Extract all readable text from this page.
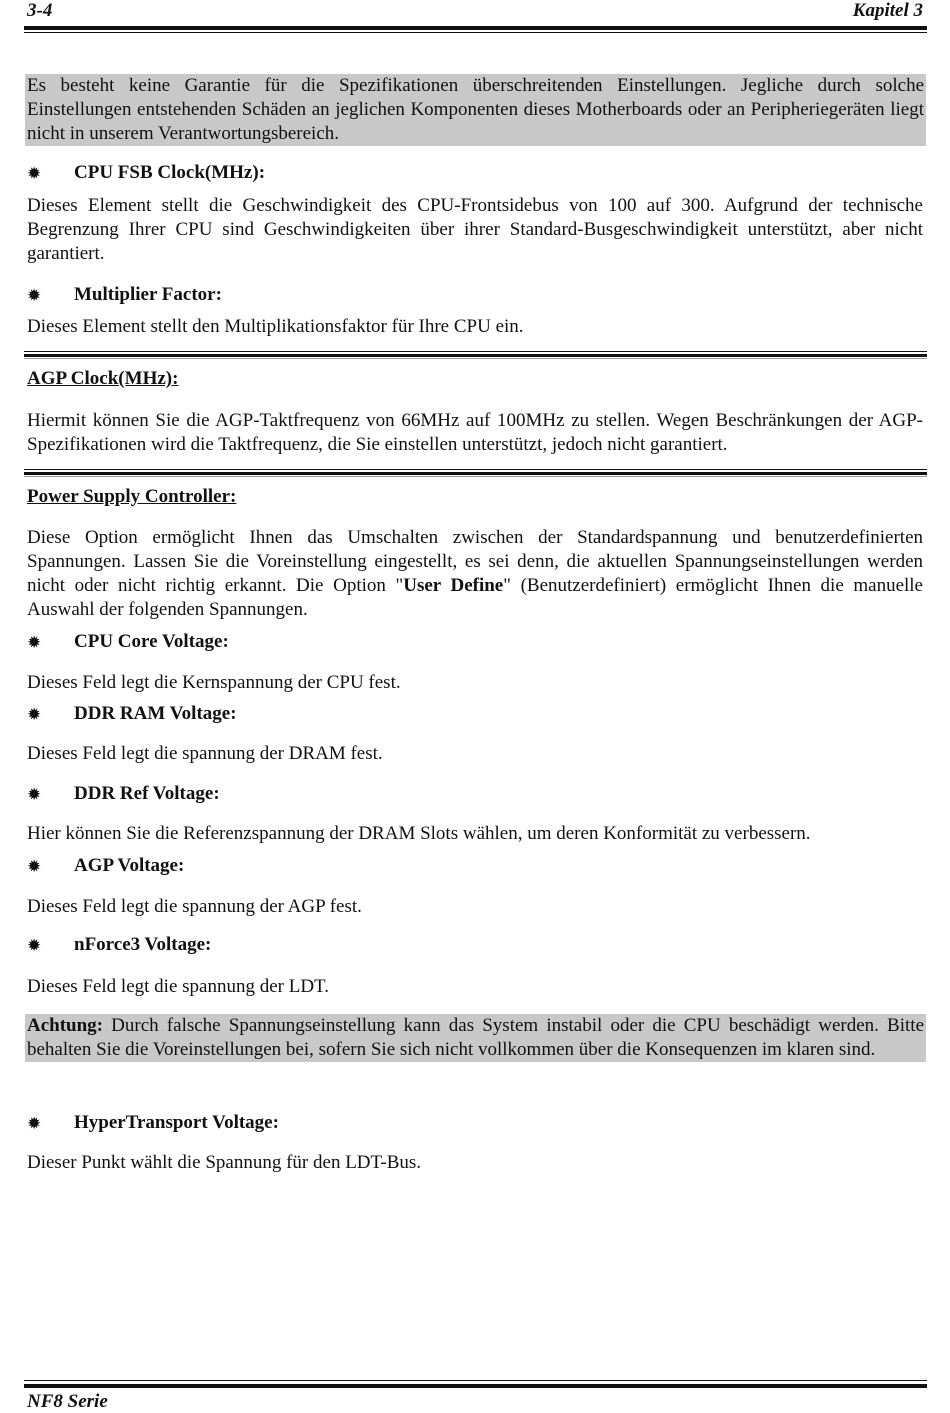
3-4	Kapitel 3

Es besteht keine Garantie für die Spezifikationen überschreitenden Einstellungen. Jegliche durch solche Einstellungen entstehenden Schäden an jeglichen Komponenten dieses Motherboards oder an Peripheriegeräten liegt nicht in unserem Verantwortungsbereich.

✹	CPU FSB Clock(MHz):

Dieses Element stellt die Geschwindigkeit des CPU-Frontsidebus von 100 auf 300. Aufgrund der technische Begrenzung Ihrer CPU sind Geschwindigkeiten über ihrer Standard-Busgeschwindigkeit unterstützt, aber nicht garantiert.

✹	Multiplier Factor:

Dieses Element stellt den Multiplikationsfaktor für Ihre CPU ein.

AGP Clock(MHz):

Hiermit können Sie die AGP-Taktfrequenz von 66MHz auf 100MHz zu stellen. Wegen Beschränkungen der AGP-Spezifikationen wird die Taktfrequenz, die Sie einstellen unterstützt, jedoch nicht garantiert.

Power Supply Controller:

Diese Option ermöglicht Ihnen das Umschalten zwischen der Standardspannung und benutzerdefinierten Spannungen. Lassen Sie die Voreinstellung eingestellt, es sei denn, die aktuellen Spannungseinstellungen werden nicht oder nicht richtig erkannt. Die Option "User Define" (Benutzerdefiniert) ermöglicht Ihnen die manuelle Auswahl der folgenden Spannungen.

✹	CPU Core Voltage:

Dieses Feld legt die Kernspannung der CPU fest.

✹	DDR RAM Voltage:

Dieses Feld legt die spannung der DRAM fest.

✹	DDR Ref Voltage:

Hier können Sie die Referenzspannung der DRAM Slots wählen, um deren Konformität zu verbessern.

✹	AGP Voltage:

Dieses Feld legt die spannung der AGP fest.

✹	nForce3 Voltage:

Dieses Feld legt die spannung der LDT.

Achtung: Durch falsche Spannungseinstellung kann das System instabil oder die CPU beschädigt werden. Bitte behalten Sie die Voreinstellungen bei, sofern Sie sich nicht vollkommen über die Konsequenzen im klaren sind.

✹	HyperTransport Voltage:

Dieser Punkt wählt die Spannung für den LDT-Bus.

NF8 Serie
